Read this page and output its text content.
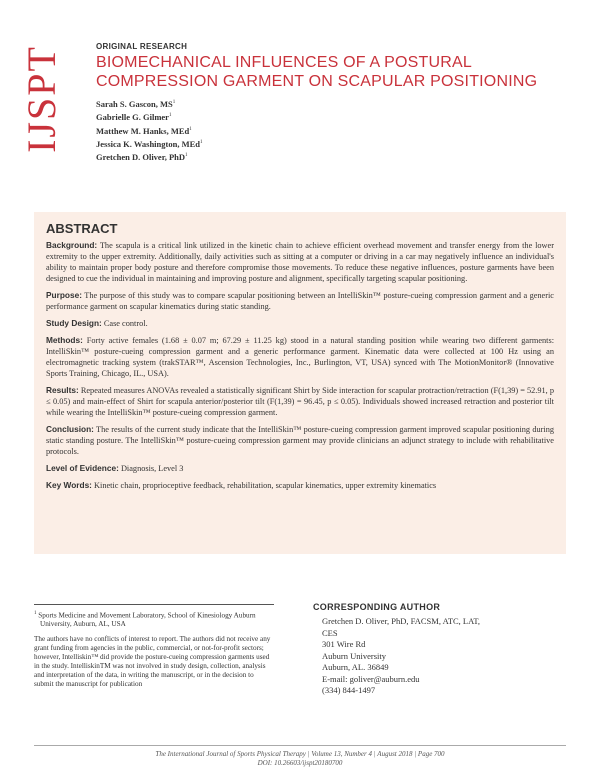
IJSPT	ORIGINAL RESEARCH
BIOMECHANICAL INFLUENCES OF A POSTURAL COMPRESSION GARMENT ON SCAPULAR POSITIONING
Sarah S. Gascon, $MS^1$
Gabrielle G. Gilmer$^1$
Matthew M. Hanks, MEd$^1$
Jessica K. Washington, MEd$^1$
Gretchen D. Oliver, PhD$^1$
ABSTRACT

Background: The scapula is a critical link utilized in the kinetic chain to achieve efficient overhead movement and transfer energy from the lower extremity to the upper extremity. Additionally, daily activities such as sitting at a computer or driving in a car may negatively influence an individual's ability to maintain proper body posture and therefore compromise those movements. To reduce these negative influences, posture garments have been designed to cue the individual in maintaining and improving posture and alignment, specifically targeting scapular positioning.

Purpose: The purpose of this study was to compare scapular positioning between an IntelliSkin™ posture-cueing compression garment and a generic performance garment on scapular kinematics during static standing.

Study Design: Case control.

Methods: Forty active females (1.68 ± 0.07 m; 67.29 ± 11.25 kg) stood in a natural standing position while wearing two different garments: IntelliSkin™ posture-cueing compression garment and a generic performance garment. Kinematic data were collected at 100 Hz using an electromagnetic tracking system (trakSTAR™, Ascension Technologies, Inc., Burlington, VT, USA) synced with The MotionMonitor® (Innovative Sports Training, Chicago, IL., USA).

Results: Repeated measures ANOVAs revealed a statistically significant Shirt by Side interaction for scapular protraction/retraction (F(1,39) = 52.91, p ≤ 0.05) and main-effect of Shirt for scapula anterior/posterior tilt (F(1,39) = 96.45, p ≤ 0.05). Individuals showed increased retraction and posterior tilt while wearing the IntelliSkin™ posture-cueing compression garment.

Conclusion: The results of the current study indicate that the IntelliSkin™ posture-cueing compression garment improved scapular positioning during static standing posture. The IntelliSkin™ posture-cueing compression garment may provide clinicians an adjunct strategy to include with rehabilitative protocols.

Level of Evidence: Diagnosis, Level 3

Key Words: Kinetic chain, proprioceptive feedback, rehabilitation, scapular kinematics, upper extremity kinematics

$^1$ Sports Medicine and Movement Laboratory, School of Kinesiology Auburn University, Auburn, AL, USA

The authors have no conflicts of interest to report. The authors did not receive any grant funding from agencies in the public, commercial, or not-for-profit sectors; however, Intelliskin™ did provide the posture-cueing compression garments used in the study. IntelliskinTM was not involved in study design, collection, analysis and interpretation of the data, in writing the manuscript, or in the decision to submit the manuscript for publication

CORRESPONDING AUTHOR
Gretchen D. Oliver, PhD, FACSM, ATC, LAT,
CES
301 Wire Rd
Auburn University
Auburn, AL. 36849
E-mail: goliver@auburn.edu
(334) 844-1497
The International Journal of Sports Physical Therapy | Volume 13, Number 4 | August 2018 | Page 700
DOI: 10.26603/ijspt20180700
